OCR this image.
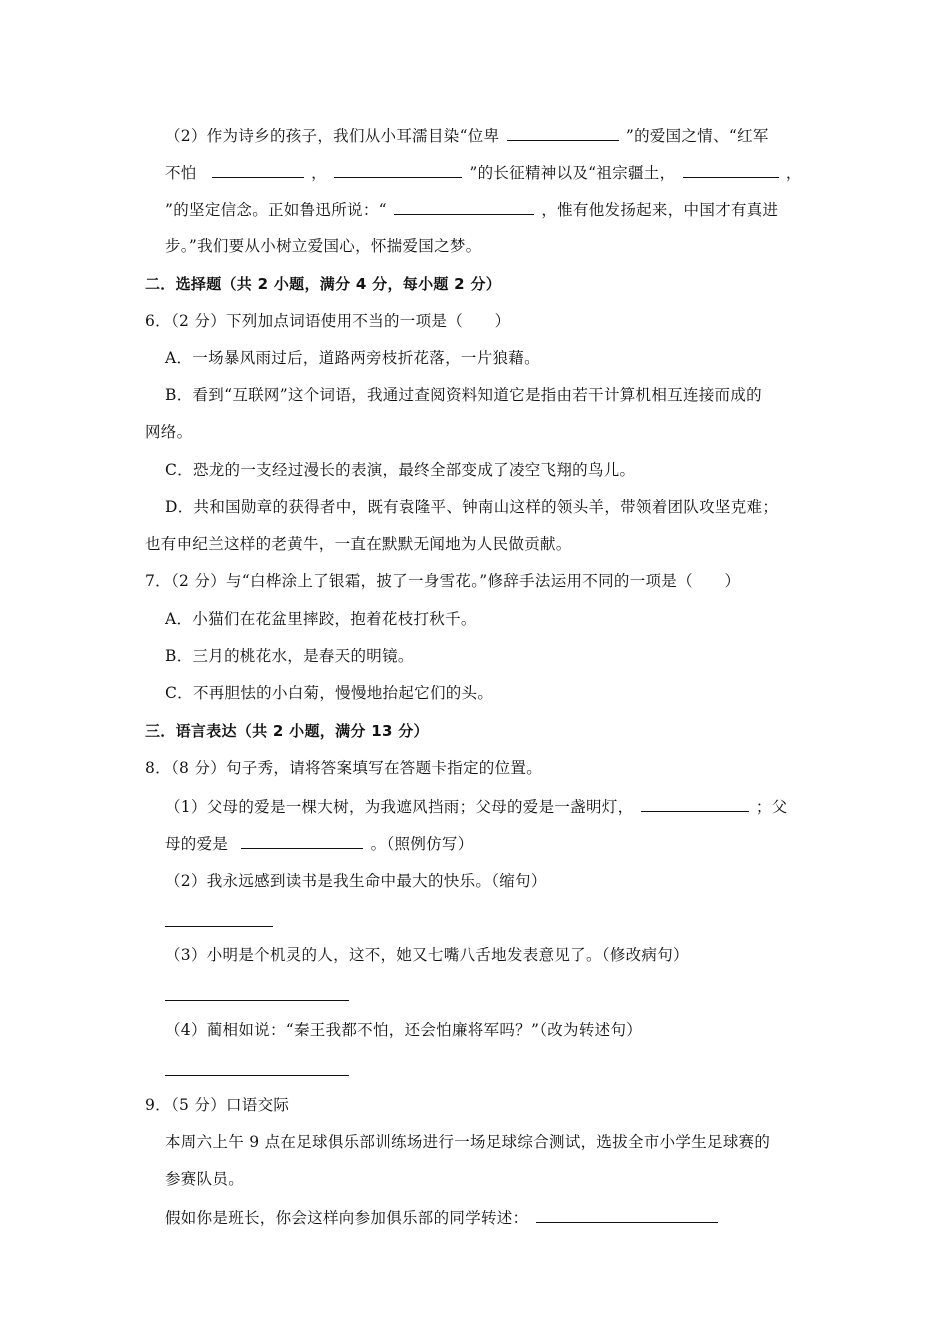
（2）作为诗乡的孩子，我们从小耳濡目染“位卑	”的爱国之情、“红军
不怕	，	”的长征精神以及“祖宗疆土，	，
”的坚定信念。正如鲁迅所说：“	，惟有他发扬起来，中国才有真进
步。”我们要从小树立爱国心，怀揣爱国之梦。
二．选择题（共 2 小题，满分 4 分，每小题 2 分）
6．（2 分）下列加点词语使用不当的一项是（　　）
A．一场暴风雨过后，道路两旁枝折花落，一片狼藉。
B．看到“互联网”这个词语，我通过查阅资料知道它是指由若干计算机相互连接而成的
网络。
C．恐龙的一支经过漫长的表演，最终全部变成了凌空飞翔的鸟儿。
D．共和国勋章的获得者中，既有袁隆平、钟南山这样的领头羊，带领着团队攻坚克难；
也有申纪兰这样的老黄牛，一直在默默无闻地为人民做贡献。
7．（2 分）与“白桦涂上了银霜，披了一身雪花。”修辞手法运用不同的一项是（　　）
A．小猫们在花盆里摔跤，抱着花枝打秋千。
B．三月的桃花水，是春天的明镜。
C．不再胆怯的小白菊，慢慢地抬起它们的头。
三．语言表达（共 2 小题，满分 13 分）
8．（8 分）句子秀，请将答案填写在答题卡指定的位置。
（1）父母的爱是一棵大树，为我遮风挡雨；父母的爱是一盏明灯，	；父
母的爱是	。（照例仿写）
（2）我永远感到读书是我生命中最大的快乐。（缩句）
（3）小明是个机灵的人，这不，她又七嘴八舌地发表意见了。（修改病句）
（4）蔺相如说：“秦王我都不怕，还会怕廉将军吗？”（改为转述句）
9．（5 分）口语交际
本周六上午 9 点在足球俱乐部训练场进行一场足球综合测试，选拔全市小学生足球赛的
参赛队员。
假如你是班长，你会这样向参加俱乐部的同学转述：
